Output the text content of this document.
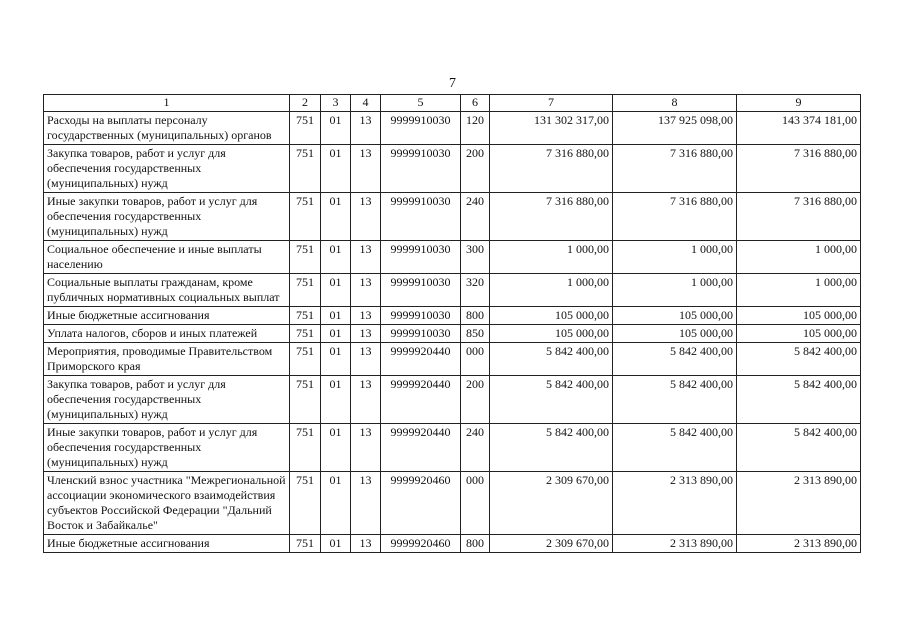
7
1	2	3	4	5	6	7	8	9
Расходы на выплаты персоналу государственных (муниципальных) органов	751	01	13	9999910030	120	131 302 317,00	137 925 098,00	143 374 181,00
Закупка товаров, работ и услуг для обеспечения государственных (муниципальных) нужд	751	01	13	9999910030	200	7 316 880,00	7 316 880,00	7 316 880,00
Иные закупки товаров, работ и услуг для обеспечения государственных (муниципальных) нужд	751	01	13	9999910030	240	7 316 880,00	7 316 880,00	7 316 880,00
Социальное обеспечение и иные выплаты населению	751	01	13	9999910030	300	1 000,00	1 000,00	1 000,00
Социальные выплаты гражданам, кроме публичных нормативных социальных выплат	751	01	13	9999910030	320	1 000,00	1 000,00	1 000,00
Иные бюджетные ассигнования	751	01	13	9999910030	800	105 000,00	105 000,00	105 000,00
Уплата налогов, сборов и иных платежей	751	01	13	9999910030	850	105 000,00	105 000,00	105 000,00
Мероприятия, проводимые Правительством Приморского края	751	01	13	9999920440	000	5 842 400,00	5 842 400,00	5 842 400,00
Закупка товаров, работ и услуг для обеспечения государственных (муниципальных) нужд	751	01	13	9999920440	200	5 842 400,00	5 842 400,00	5 842 400,00
Иные закупки товаров, работ и услуг для обеспечения государственных (муниципальных) нужд	751	01	13	9999920440	240	5 842 400,00	5 842 400,00	5 842 400,00
Членский взнос участника "Межрегиональной ассоциации экономического взаимодействия субъектов Российской Федерации "Дальний Восток и Забайкалье"	751	01	13	9999920460	000	2 309 670,00	2 313 890,00	2 313 890,00
Иные бюджетные ассигнования	751	01	13	9999920460	800	2 309 670,00	2 313 890,00	2 313 890,00
